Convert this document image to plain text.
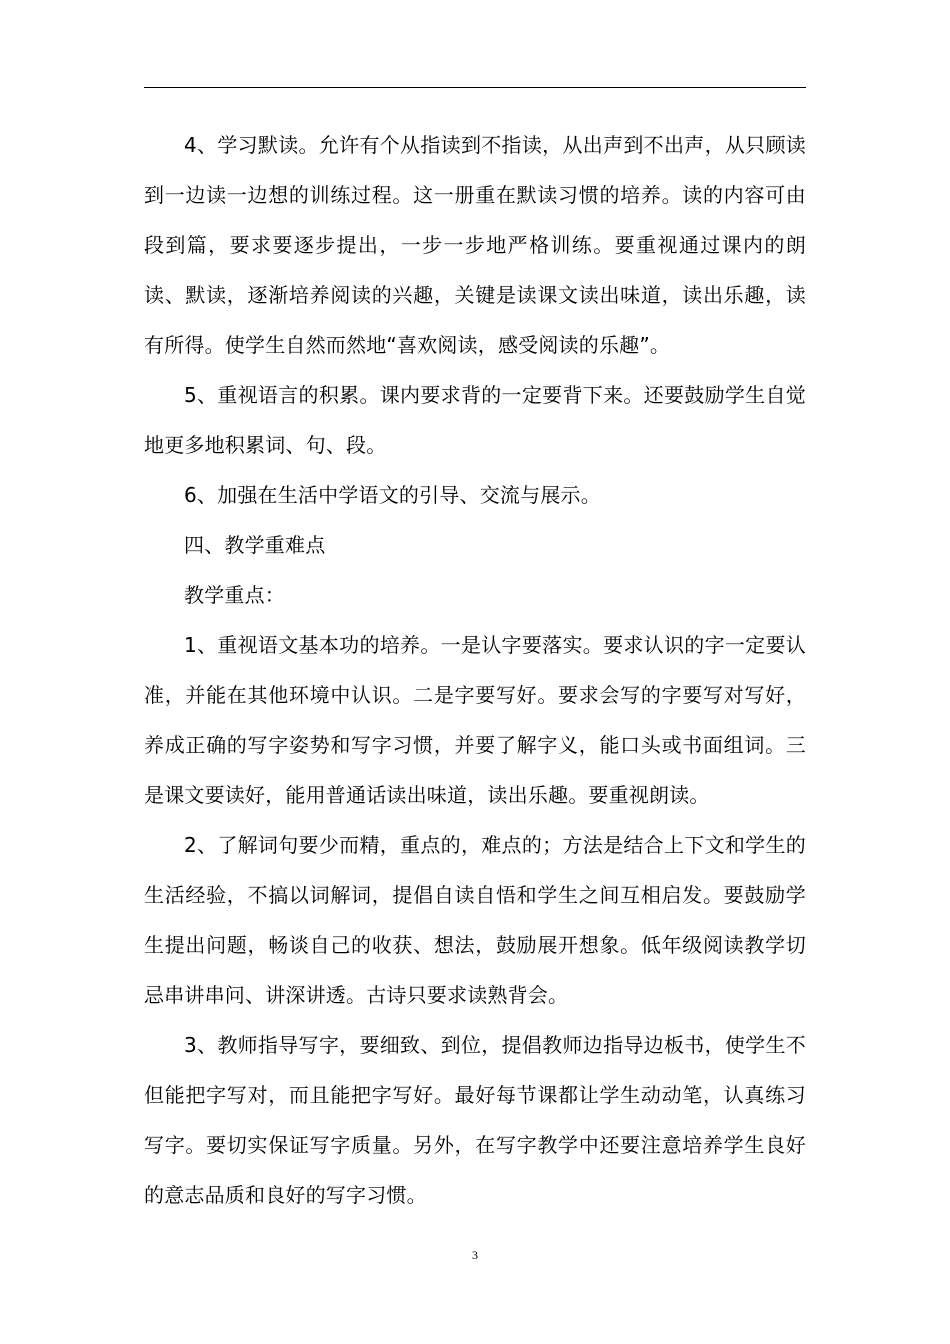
4、学习默读。允许有个从指读到不指读，从出声到不出声，从只顾读到一边读一边想的训练过程。这一册重在默读习惯的培养。读的内容可由段到篇，要求要逐步提出，一步一步地严格训练。要重视通过课内的朗读、默读，逐渐培养阅读的兴趣，关键是读课文读出味道，读出乐趣，读有所得。使学生自然而然地“喜欢阅读，感受阅读的乐趣”。

5、重视语言的积累。课内要求背的一定要背下来。还要鼓励学生自觉地更多地积累词、句、段。

6、加强在生活中学语文的引导、交流与展示。

四、教学重难点

教学重点：

1、重视语文基本功的培养。一是认字要落实。要求认识的字一定要认准，并能在其他环境中认识。二是字要写好。要求会写的字要写对写好，养成正确的写字姿势和写字习惯，并要了解字义，能口头或书面组词。三是课文要读好，能用普通话读出味道，读出乐趣。要重视朗读。

2、了解词句要少而精，重点的，难点的；方法是结合上下文和学生的生活经验，不搞以词解词，提倡自读自悟和学生之间互相启发。要鼓励学生提出问题，畅谈自己的收获、想法，鼓励展开想象。低年级阅读教学切忌串讲串问、讲深讲透。古诗只要求读熟背会。

3、教师指导写字，要细致、到位，提倡教师边指导边板书，使学生不但能把字写对，而且能把字写好。最好每节课都让学生动动笔，认真练习写字。要切实保证写字质量。另外，在写字教学中还要注意培养学生良好的意志品质和良好的写字习惯。

3
